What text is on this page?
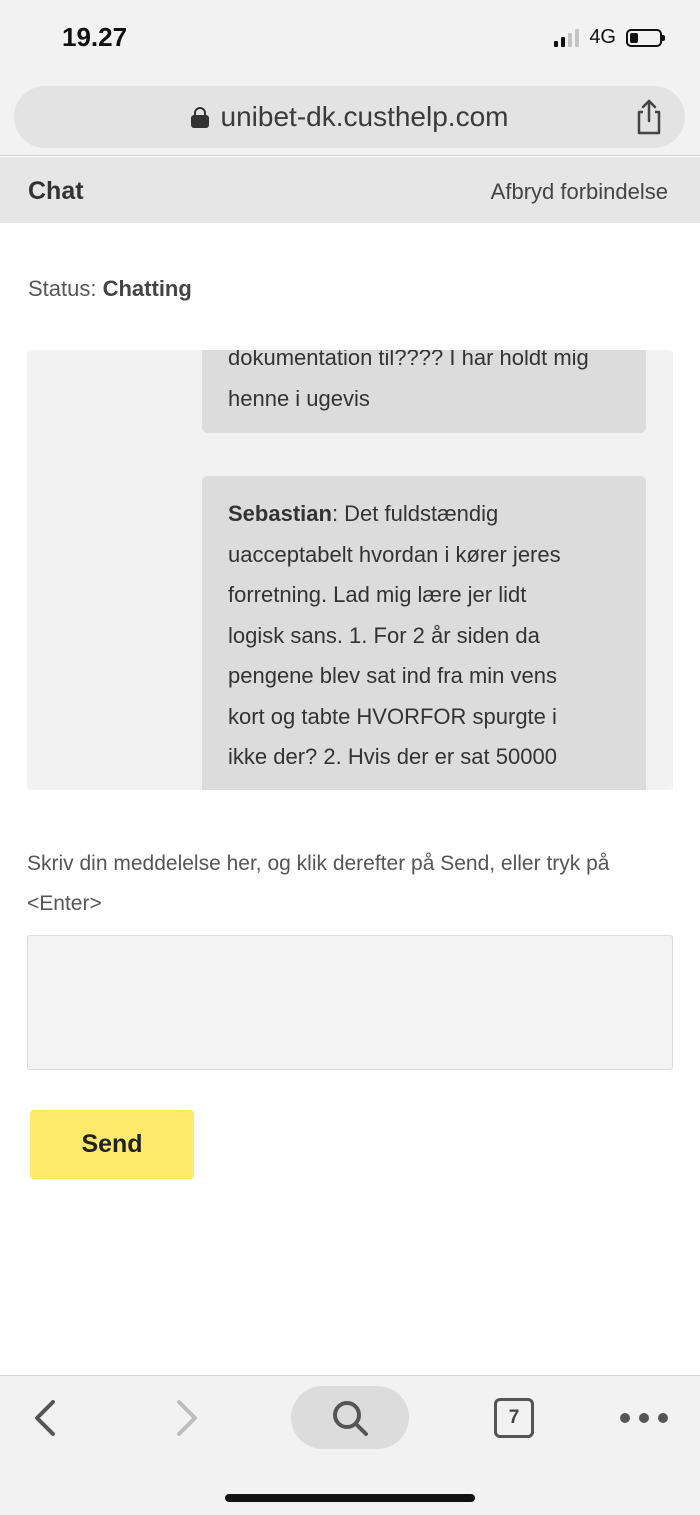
19.27	4G
unibet-dk.custhelp.com
Chat	Afbryd forbindelse
Status: Chatting
dokumentation til???? I har holdt mig
henne i ugevis
Sebastian: Det fuldstændig
uacceptabelt hvordan i kører jeres
forretning. Lad mig lære jer lidt
logisk sans. 1. For 2 år siden da
pengene blev sat ind fra min vens
kort og tabte HVORFOR spurgte i
ikke der? 2. Hvis der er sat 50000
Skriv din meddelelse her, og klik derefter på Send, eller tryk på <Enter>
Send
7
